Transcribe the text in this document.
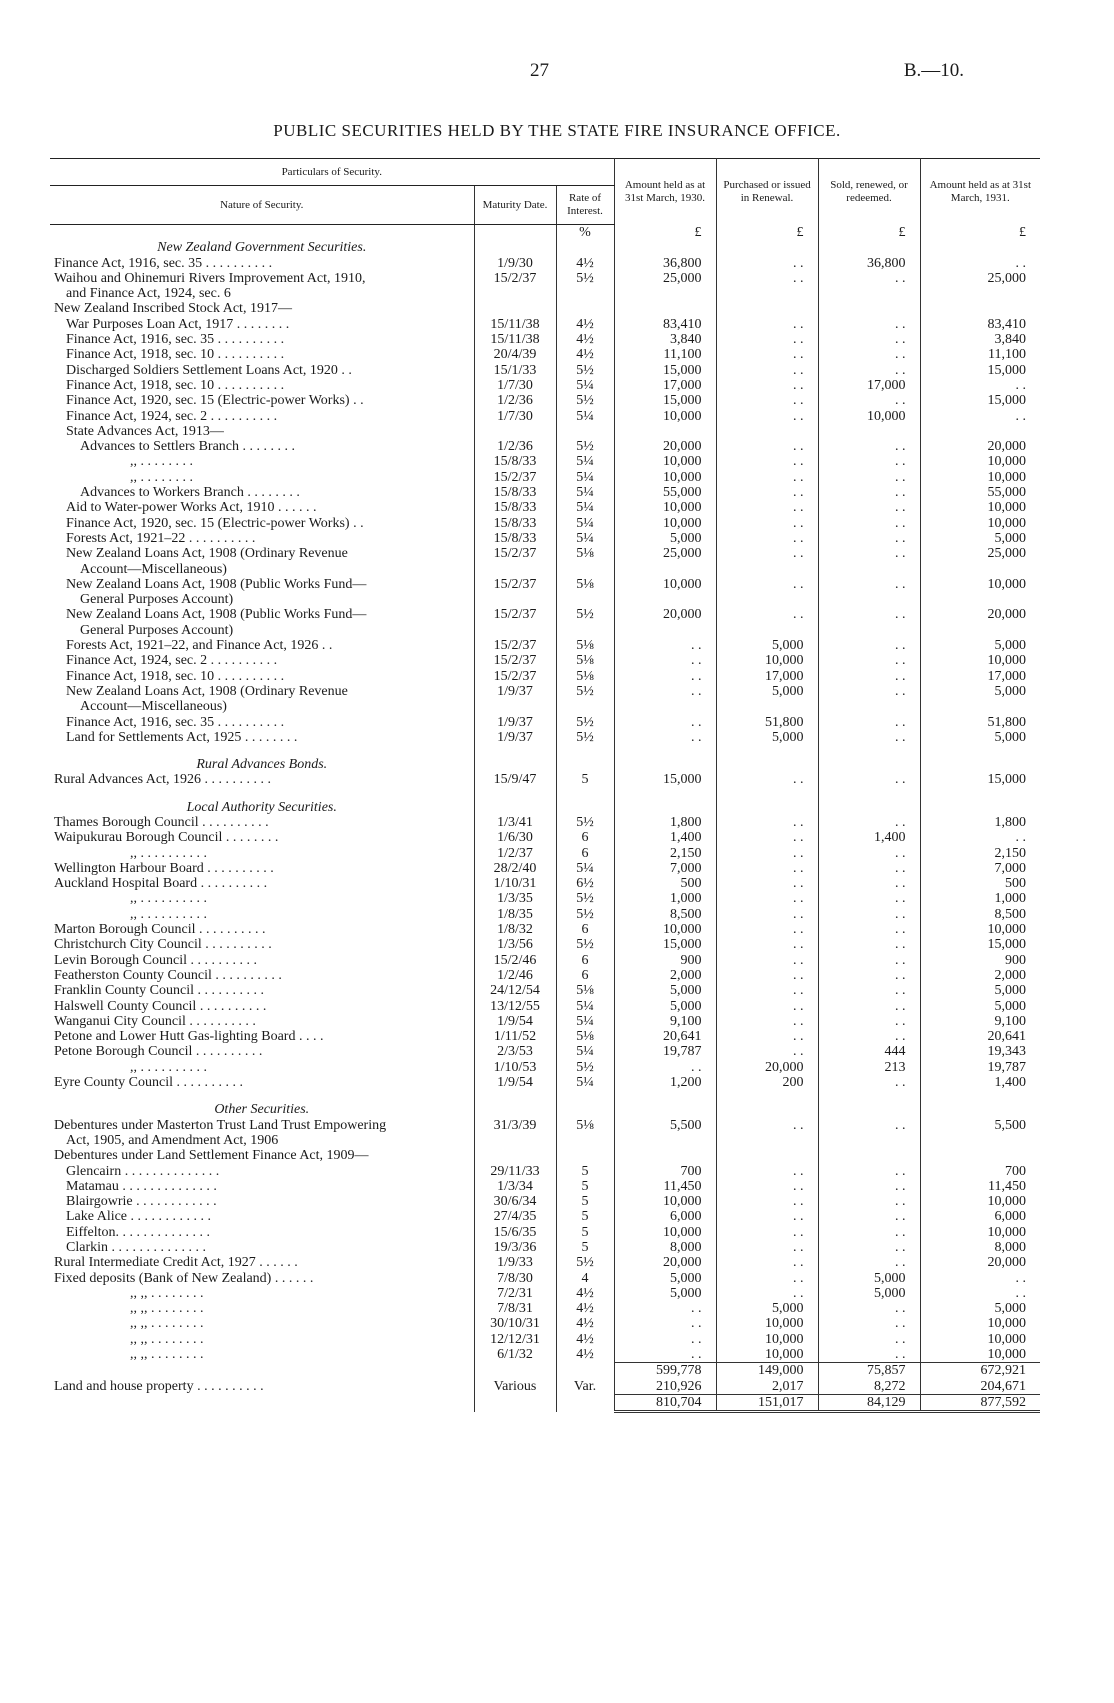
27	B.—10.
PUBLIC SECURITIES HELD BY THE STATE FIRE INSURANCE OFFICE.
Particulars of Security.			Amount held as at 31st March, 1930.	Purchased or issued in Renewal.	Sold, renewed, or redeemed.	Amount held as at 31st March, 1931.
Nature of Security.	Maturity Date.	Rate of Interest.				
		%	£	£	£	£
New Zealand Government Securities.						
Finance Act, 1916, sec. 35 . . . . . . . . . .	1/9/30	4½	36,800	. .	36,800	. .
Waihou and Ohinemuri Rivers Improvement Act, 1910,	15/2/37	5½	25,000	. .	. .	25,000
and Finance Act, 1924, sec. 6						
New Zealand Inscribed Stock Act, 1917—						
War Purposes Loan Act, 1917 . . . . . . . .	15/11/38	4½	83,410	. .	. .	83,410
Finance Act, 1916, sec. 35 . . . . . . . . . .	15/11/38	4½	3,840	. .	. .	3,840
Finance Act, 1918, sec. 10 . . . . . . . . . .	20/4/39	4½	11,100	. .	. .	11,100
Discharged Soldiers Settlement Loans Act, 1920 . .	15/1/33	5½	15,000	. .	. .	15,000
Finance Act, 1918, sec. 10 . . . . . . . . . .	1/7/30	5¼	17,000	. .	17,000	. .
Finance Act, 1920, sec. 15 (Electric-power Works) . .	1/2/36	5½	15,000	. .	. .	15,000
Finance Act, 1924, sec. 2 . . . . . . . . . .	1/7/30	5¼	10,000	. .	10,000	. .
State Advances Act, 1913—						
Advances to Settlers Branch . . . . . . . .	1/2/36	5½	20,000	. .	. .	20,000
,, . . . . . . . .	15/8/33	5¼	10,000	. .	. .	10,000
,, . . . . . . . .	15/2/37	5¼	10,000	. .	. .	10,000
Advances to Workers Branch . . . . . . . .	15/8/33	5¼	55,000	. .	. .	55,000
Aid to Water-power Works Act, 1910 . . . . . .	15/8/33	5¼	10,000	. .	. .	10,000
Finance Act, 1920, sec. 15 (Electric-power Works) . .	15/8/33	5¼	10,000	. .	. .	10,000
Forests Act, 1921–22 . . . . . . . . . .	15/8/33	5¼	5,000	. .	. .	5,000
New Zealand Loans Act, 1908 (Ordinary Revenue	15/2/37	5⅛	25,000	. .	. .	25,000
Account—Miscellaneous)						
New Zealand Loans Act, 1908 (Public Works Fund—	15/2/37	5⅛	10,000	. .	. .	10,000
General Purposes Account)						
New Zealand Loans Act, 1908 (Public Works Fund—	15/2/37	5½	20,000	. .	. .	20,000
General Purposes Account)						
Forests Act, 1921–22, and Finance Act, 1926 . .	15/2/37	5⅛	. .	5,000	. .	5,000
Finance Act, 1924, sec. 2 . . . . . . . . . .	15/2/37	5⅛	. .	10,000	. .	10,000
Finance Act, 1918, sec. 10 . . . . . . . . . .	15/2/37	5⅛	. .	17,000	. .	17,000
New Zealand Loans Act, 1908 (Ordinary Revenue	1/9/37	5½	. .	5,000	. .	5,000
Account—Miscellaneous)						
Finance Act, 1916, sec. 35 . . . . . . . . . .	1/9/37	5½	. .	51,800	. .	51,800
Land for Settlements Act, 1925 . . . . . . . .	1/9/37	5½	. .	5,000	. .	5,000

Rural Advances Bonds.						
Rural Advances Act, 1926 . . . . . . . . . .	15/9/47	5	15,000	. .	. .	15,000

Local Authority Securities.						
Thames Borough Council . . . . . . . . . .	1/3/41	5½	1,800	. .	. .	1,800
Waipukurau Borough Council . . . . . . . .	1/6/30	6	1,400	. .	1,400	. .
,, . . . . . . . . . .	1/2/37	6	2,150	. .	. .	2,150
Wellington Harbour Board . . . . . . . . . .	28/2/40	5¼	7,000	. .	. .	7,000
Auckland Hospital Board . . . . . . . . . .	1/10/31	6½	500	. .	. .	500
,, . . . . . . . . . .	1/3/35	5½	1,000	. .	. .	1,000
,, . . . . . . . . . .	1/8/35	5½	8,500	. .	. .	8,500
Marton Borough Council . . . . . . . . . .	1/8/32	6	10,000	. .	. .	10,000
Christchurch City Council . . . . . . . . . .	1/3/56	5½	15,000	. .	. .	15,000
Levin Borough Council . . . . . . . . . .	15/2/46	6	900	. .	. .	900
Featherston County Council . . . . . . . . . .	1/2/46	6	2,000	. .	. .	2,000
Franklin County Council . . . . . . . . . .	24/12/54	5⅛	5,000	. .	. .	5,000
Halswell County Council . . . . . . . . . .	13/12/55	5¼	5,000	. .	. .	5,000
Wanganui City Council . . . . . . . . . .	1/9/54	5¼	9,100	. .	. .	9,100
Petone and Lower Hutt Gas-lighting Board . . . .	1/11/52	5⅛	20,641	. .	. .	20,641
Petone Borough Council . . . . . . . . . .	2/3/53	5¼	19,787	. .	444	19,343
,, . . . . . . . . . .	1/10/53	5½	. .	20,000	213	19,787
Eyre County Council . . . . . . . . . .	1/9/54	5¼	1,200	200	. .	1,400

Other Securities.						
Debentures under Masterton Trust Land Trust Empowering	31/3/39	5⅛	5,500	. .	. .	5,500
Act, 1905, and Amendment Act, 1906						
Debentures under Land Settlement Finance Act, 1909—						
Glencairn . . . . . . . . . . . . . .	29/11/33	5	700	. .	. .	700
Matamau . . . . . . . . . . . . . .	1/3/34	5	11,450	. .	. .	11,450
Blairgowrie . . . . . . . . . . . .	30/6/34	5	10,000	. .	. .	10,000
Lake Alice . . . . . . . . . . . .	27/4/35	5	6,000	. .	. .	6,000
Eiffelton. . . . . . . . . . . . . .	15/6/35	5	10,000	. .	. .	10,000
Clarkin . . . . . . . . . . . . . .	19/3/36	5	8,000	. .	. .	8,000
Rural Intermediate Credit Act, 1927 . . . . . .	1/9/33	5½	20,000	. .	. .	20,000
Fixed deposits (Bank of New Zealand) . . . . . .	7/8/30	4	5,000	. .	5,000	. .
,, ,, . . . . . . . .	7/2/31	4½	5,000	. .	5,000	. .
,, ,, . . . . . . . .	7/8/31	4½	. .	5,000	. .	5,000
,, ,, . . . . . . . .	30/10/31	4½	. .	10,000	. .	10,000
,, ,, . . . . . . . .	12/12/31	4½	. .	10,000	. .	10,000
,, ,, . . . . . . . .	6/1/32	4½	. .	10,000	. .	10,000
			599,778	149,000	75,857	672,921
Land and house property . . . . . . . . . .	Various	Var.	210,926	2,017	8,272	204,671
			810,704	151,017	84,129	877,592
